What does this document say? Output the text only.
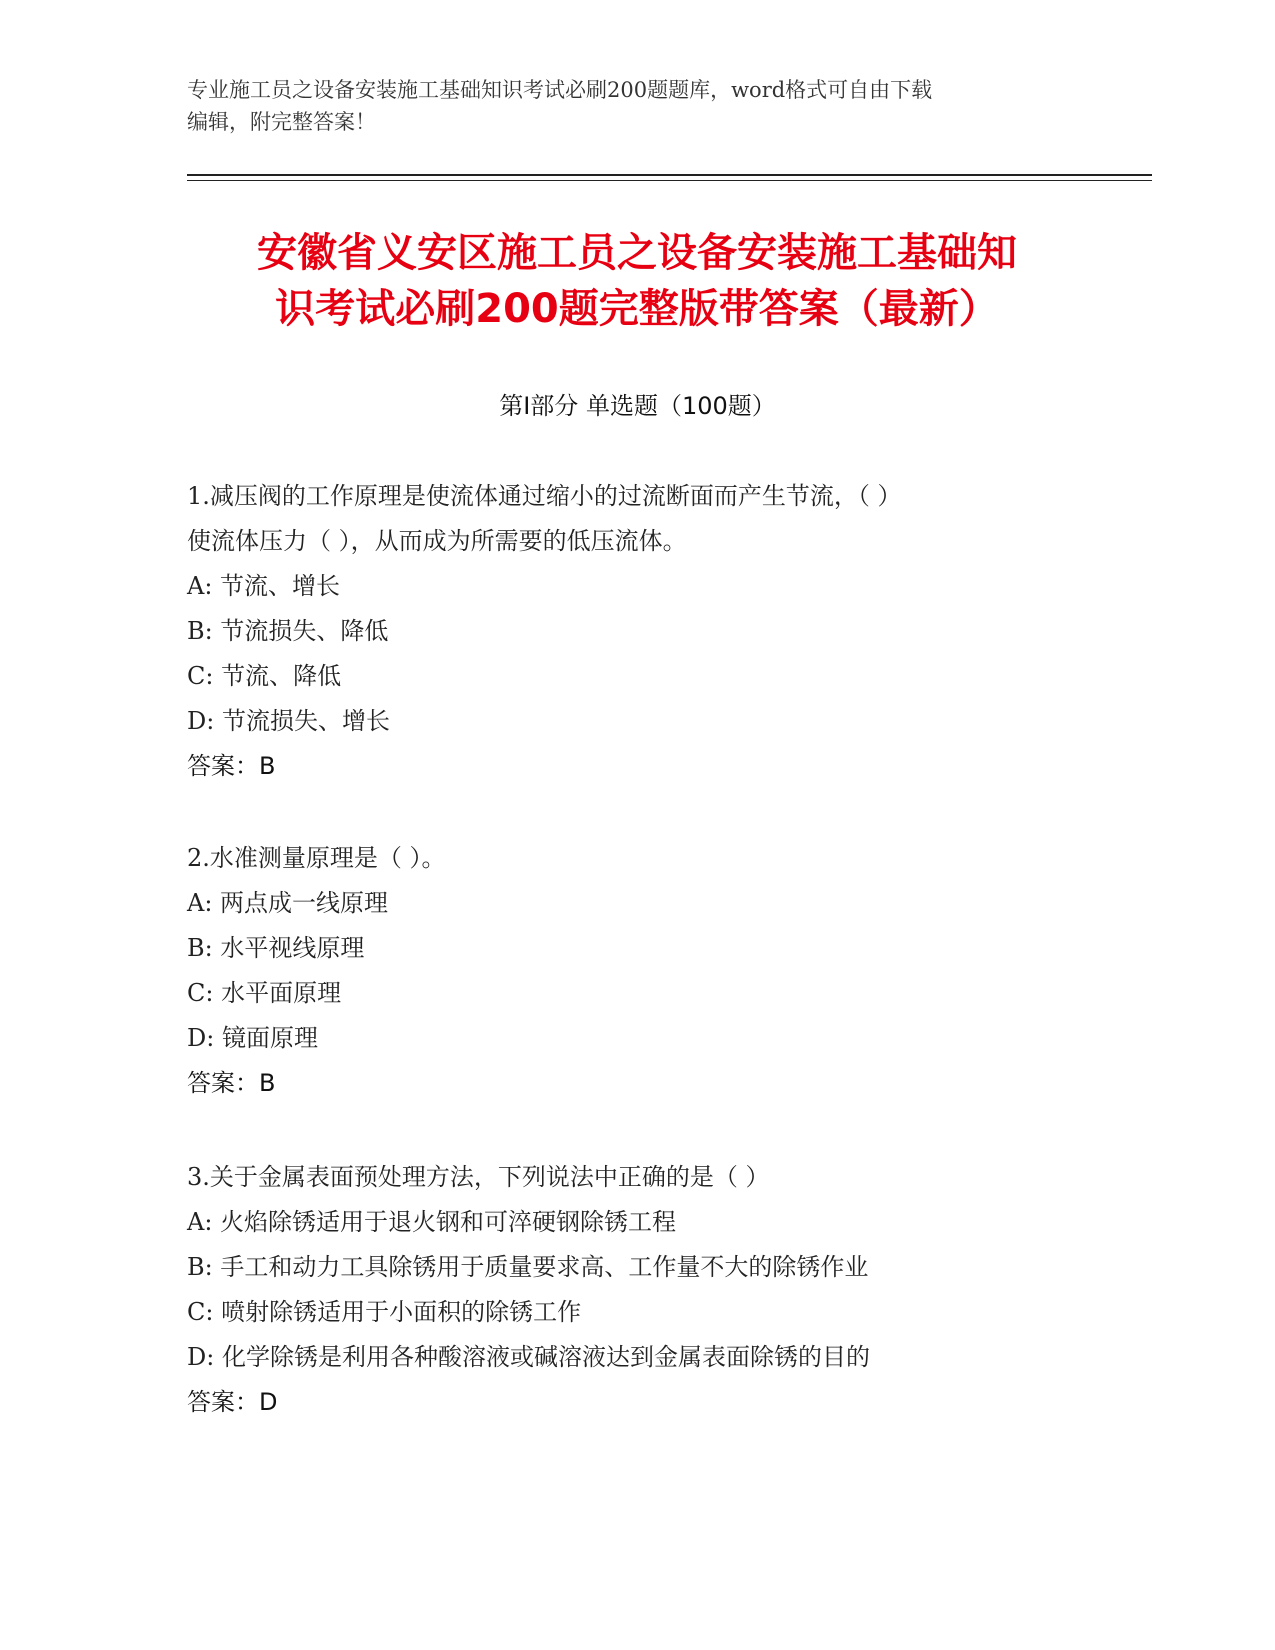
专业施工员之设备安装施工基础知识考试必刷200题题库，word格式可自由下载
编辑，附完整答案！
安徽省义安区施工员之设备安装施工基础知
识考试必刷200题完整版带答案（最新）
第Ⅰ部分 单选题（100题）
1.减压阀的工作原理是使流体通过缩小的过流断面而产生节流，（ ）
使流体压力（ ），从而成为所需要的低压流体。
A: 节流、增长
B: 节流损失、降低
C: 节流、降低
D: 节流损失、增长
答案：B
2.水准测量原理是（ ）。
A: 两点成一线原理
B: 水平视线原理
C: 水平面原理
D: 镜面原理
答案：B
3.关于金属表面预处理方法，下列说法中正确的是（ ）
A: 火焰除锈适用于退火钢和可淬硬钢除锈工程
B: 手工和动力工具除锈用于质量要求高、工作量不大的除锈作业
C: 喷射除锈适用于小面积的除锈工作
D: 化学除锈是利用各种酸溶液或碱溶液达到金属表面除锈的目的
答案：D
